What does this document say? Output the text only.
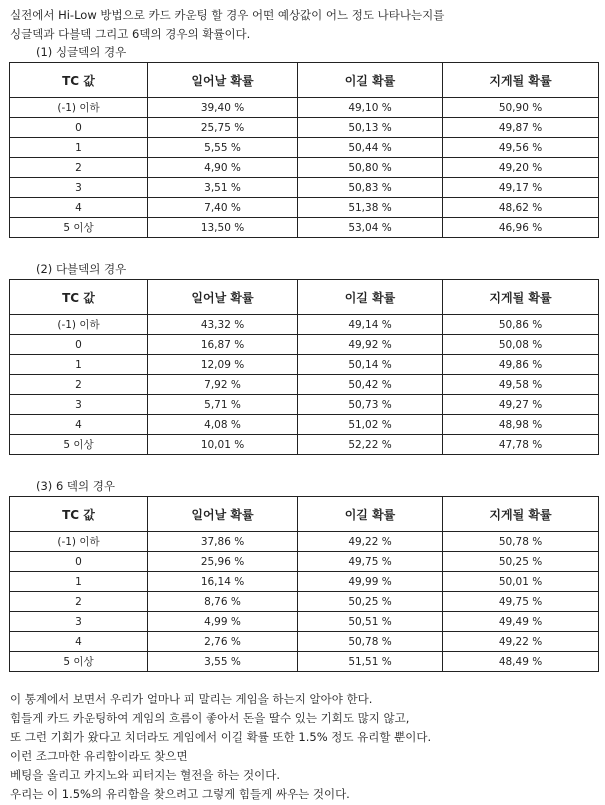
실전에서 Hi-Low 방법으로 카드 카운팅 할 경우 어떤 예상값이 어느 정도 나타나는지를
싱글덱과 다블덱 그리고 6덱의 경우의 확률이다.
(1) 싱글덱의 경우
TC 값	일어날 확률	이길 확률	지게될 확률
(-1) 이하	39,40 %	49,10 %	50,90 %
0	25,75 %	50,13 %	49,87 %
1	5,55 %	50,44 %	49,56 %
2	4,90 %	50,80 %	49,20 %
3	3,51 %	50,83 %	49,17 %
4	7,40 %	51,38 %	48,62 %
5 이상	13,50 %	53,04 %	46,96 %
(2) 다블덱의 경우
TC 값	일어날 확률	이길 확률	지게될 확률
(-1) 이하	43,32 %	49,14 %	50,86 %
0	16,87 %	49,92 %	50,08 %
1	12,09 %	50,14 %	49,86 %
2	7,92 %	50,42 %	49,58 %
3	5,71 %	50,73 %	49,27 %
4	4,08 %	51,02 %	48,98 %
5 이상	10,01 %	52,22 %	47,78 %
(3) 6 덱의 경우
TC 값	일어날 확률	이길 확률	지게될 확률
(-1) 이하	37,86 %	49,22 %	50,78 %
0	25,96 %	49,75 %	50,25 %
1	16,14 %	49,99 %	50,01 %
2	8,76 %	50,25 %	49,75 %
3	4,99 %	50,51 %	49,49 %
4	2,76 %	50,78 %	49,22 %
5 이상	3,55 %	51,51 %	48,49 %
이 통계에서 보면서 우리가 얼마나 피 말리는 게임을 하는지 알아야 한다.
힘들게 카드 카운팅하여 게임의 흐름이 좋아서 돈을 딸수 있는 기회도 많지 않고,
또 그런 기회가 왔다고 치더라도 게임에서 이길 확률 또한 1.5% 정도 유리할 뿐이다.
이런 조그마한 유리함이라도 찾으면
베팅을 올리고 카지노와 피터지는 혈전을 하는 것이다.
우리는 이 1.5%의 유리함을 찾으려고 그렇게 힘들게 싸우는 것이다.
